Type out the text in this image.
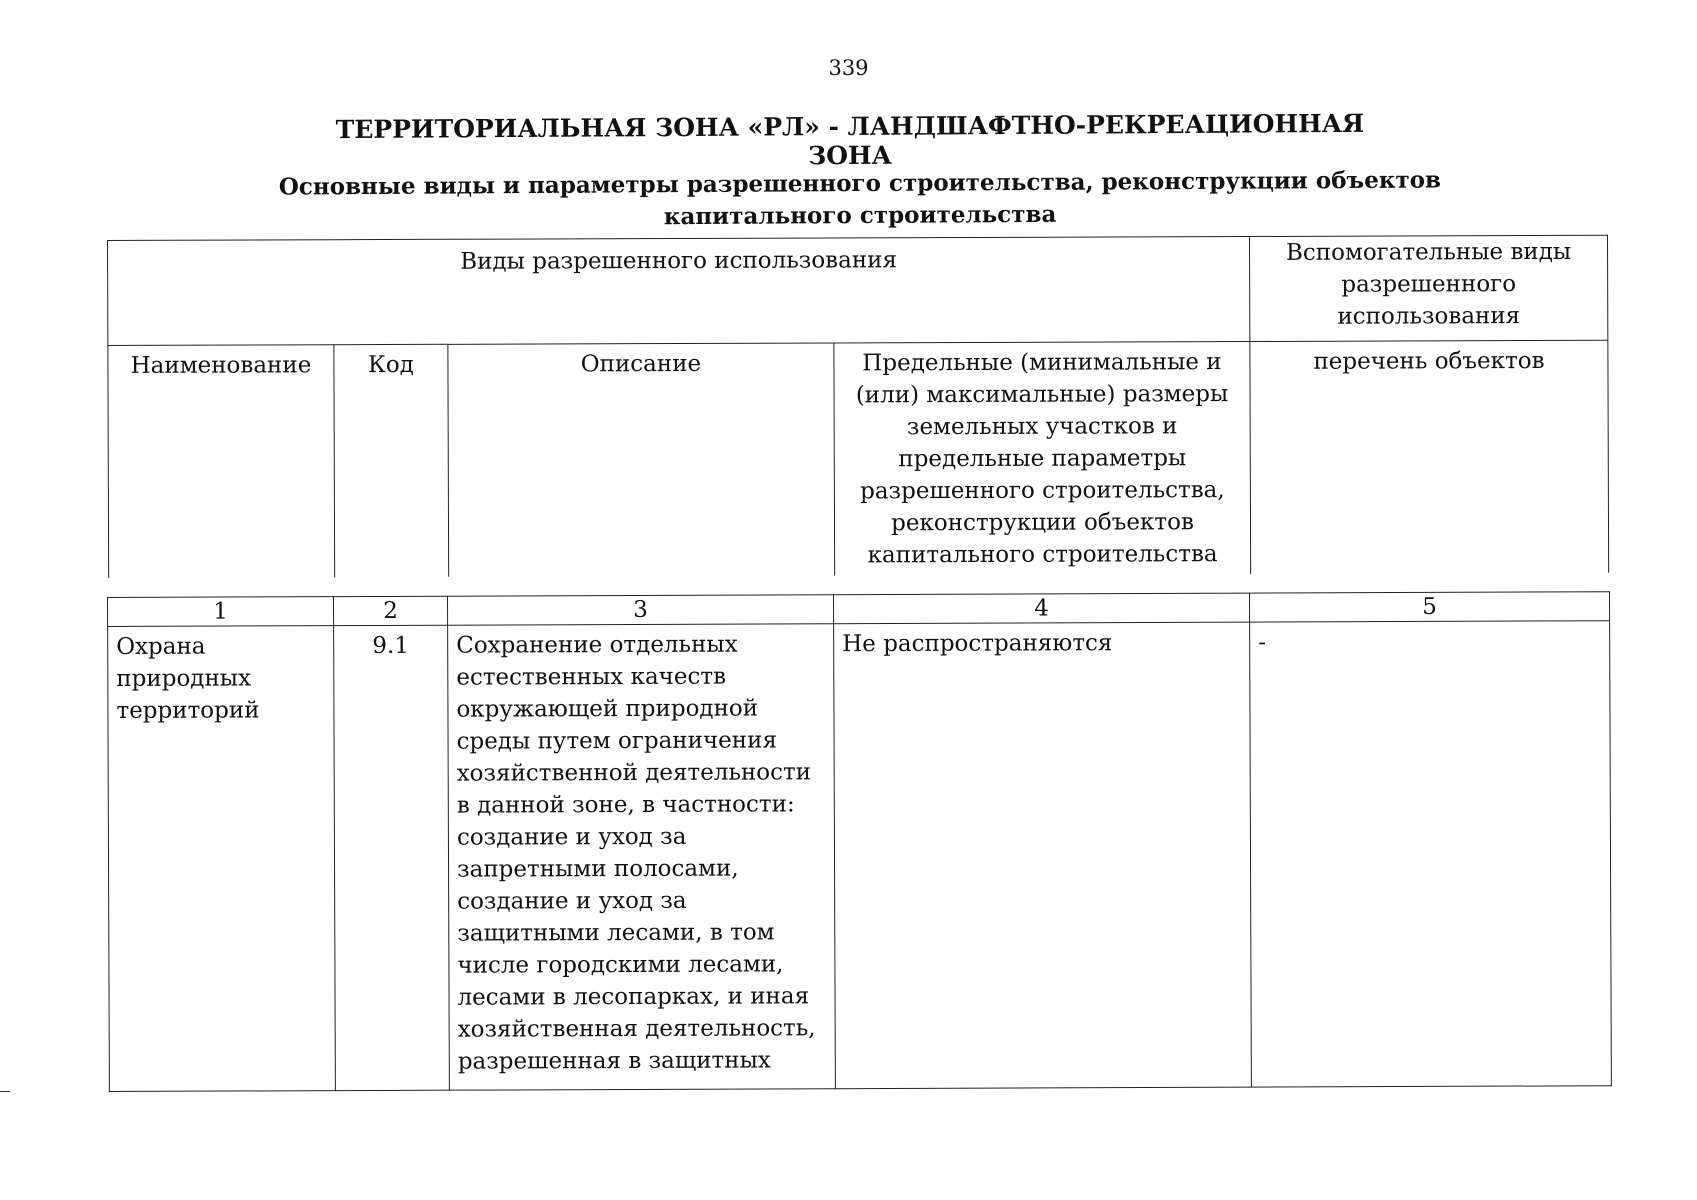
339
ТЕРРИТОРИАЛЬНАЯ ЗОНА «РЛ» - ЛАНДШАФТНО-РЕКРЕАЦИОННАЯ ЗОНА
Основные виды и параметры разрешенного строительства, реконструкции объектов капитального строительства
Виды разрешенного использования				Вспомогательные виды разрешенного использования
Наименование	Код	Описание	Предельные (минимальные и (или) максимальные) размеры земельных участков и предельные параметры разрешенного строительства, реконструкции объектов капитального строительства	перечень объектов
1	2	3	4	5
Охрана природных территорий	9.1	Сохранение отдельных естественных качеств окружающей природной среды путем ограничения хозяйственной деятельности в данной зоне, в частности: создание и уход за запретными полосами, создание и уход за защитными лесами, в том числе городскими лесами, лесами в лесопарках, и иная хозяйственная деятельность, разрешенная в защитных	Не распространяются	-
